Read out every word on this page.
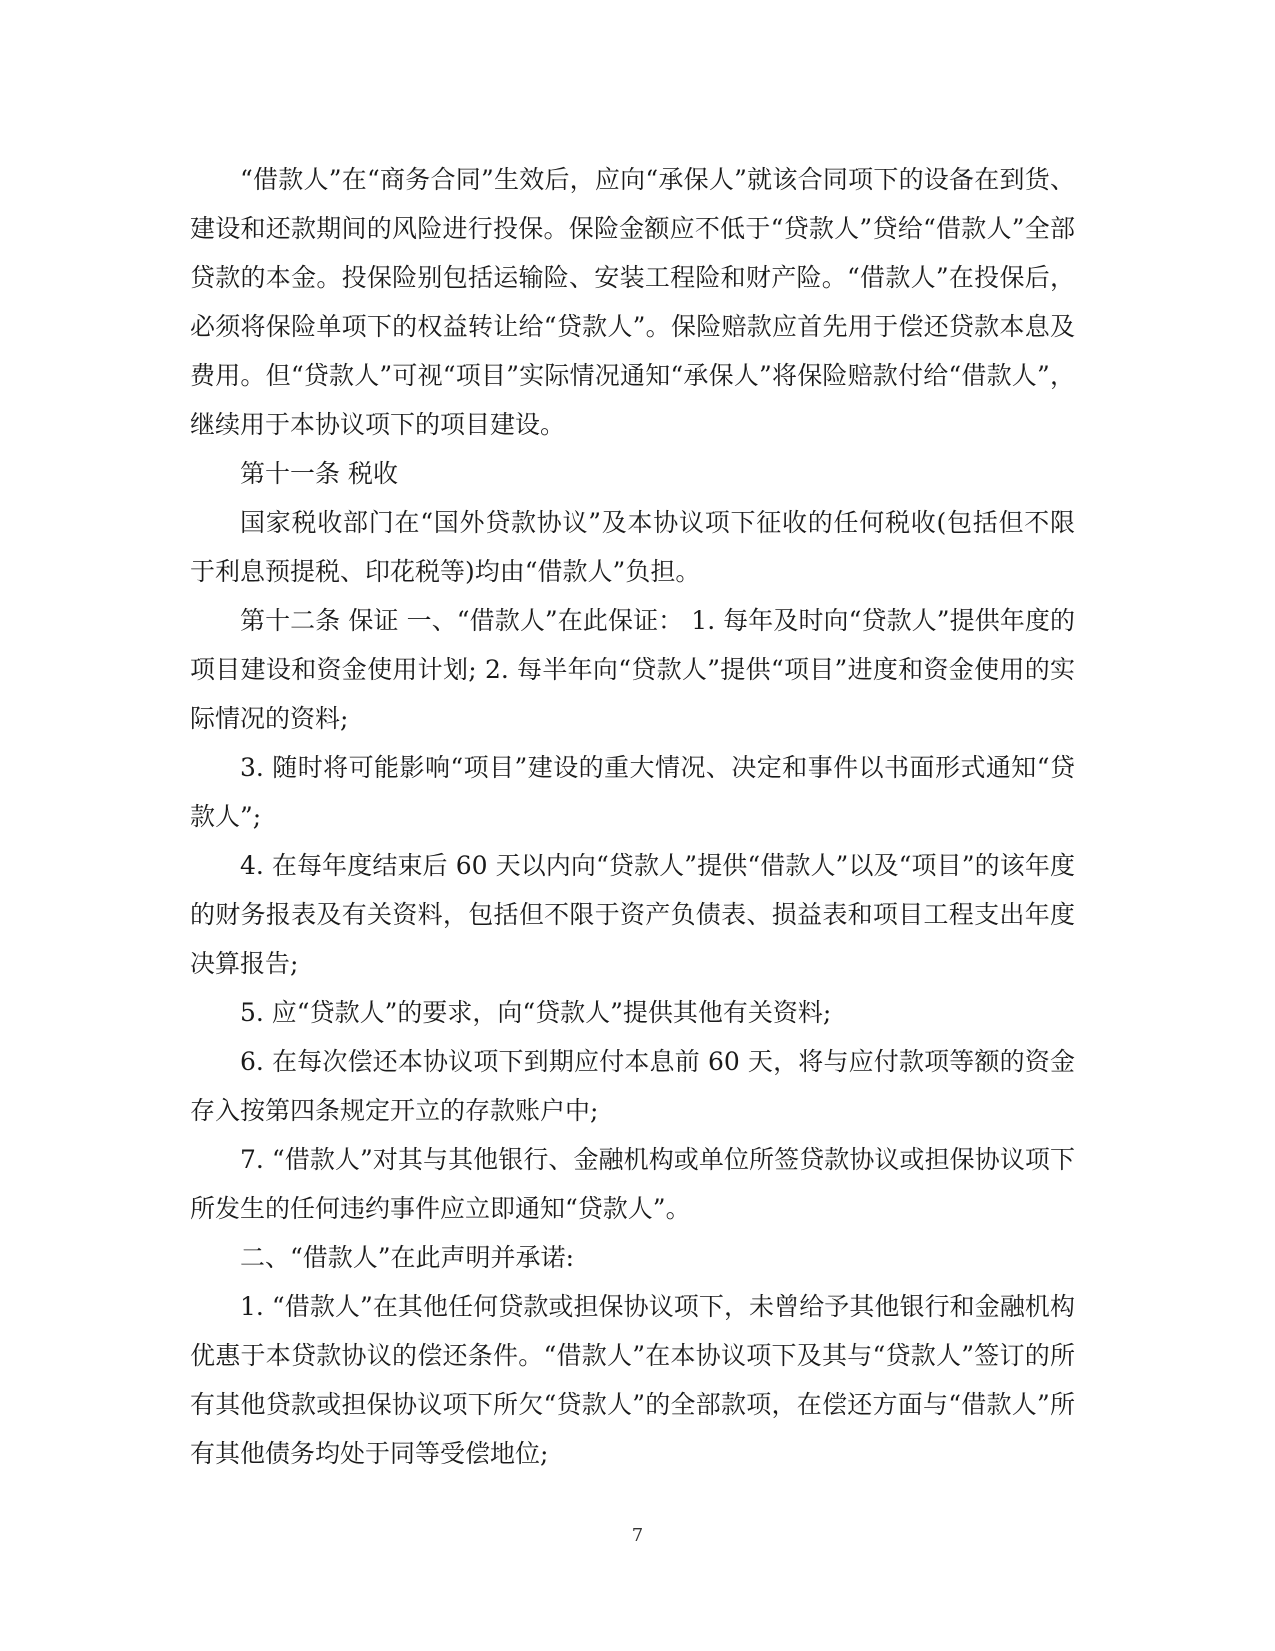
“借款人”在“商务合同”生效后，应向“承保人”就该合同项下的设备在到货、建设和还款期间的风险进行投保。保险金额应不低于“贷款人”贷给“借款人”全部贷款的本金。投保险别包括运输险、安装工程险和财产险。“借款人”在投保后，必须将保险单项下的权益转让给“贷款人”。保险赔款应首先用于偿还贷款本息及费用。但“贷款人”可视“项目”实际情况通知“承保人”将保险赔款付给“借款人”，继续用于本协议项下的项目建设。

第十一条 税收

国家税收部门在“国外贷款协议”及本协议项下征收的任何税收(包括但不限于利息预提税、印花税等)均由“借款人”负担。

第十二条 保证 一、“借款人”在此保证： 1. 每年及时向“贷款人”提供年度的项目建设和资金使用计划; 2. 每半年向“贷款人”提供“项目”进度和资金使用的实际情况的资料;

3. 随时将可能影响“项目”建设的重大情况、决定和事件以书面形式通知“贷款人”;

4. 在每年度结束后 60 天以内向“贷款人”提供“借款人”以及“项目”的该年度的财务报表及有关资料，包括但不限于资产负债表、损益表和项目工程支出年度决算报告;

5. 应“贷款人”的要求，向“贷款人”提供其他有关资料;

6. 在每次偿还本协议项下到期应付本息前 60 天，将与应付款项等额的资金存入按第四条规定开立的存款账户中;

7. “借款人”对其与其他银行、金融机构或单位所签贷款协议或担保协议项下所发生的任何违约事件应立即通知“贷款人”。

二、“借款人”在此声明并承诺:

1. “借款人”在其他任何贷款或担保协议项下，未曾给予其他银行和金融机构优惠于本贷款协议的偿还条件。“借款人”在本协议项下及其与“贷款人”签订的所有其他贷款或担保协议项下所欠“贷款人”的全部款项，在偿还方面与“借款人”所有其他债务均处于同等受偿地位;

7
